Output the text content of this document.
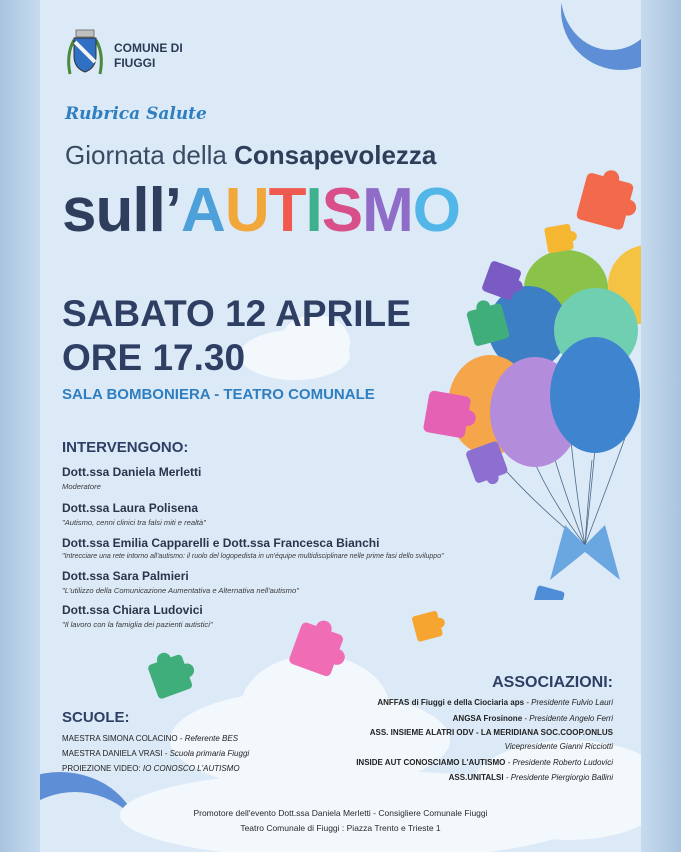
COMUNE DI
FIUGGI
Rubrica Salute
Giornata della Consapevolezza
sull’AUTISMO
SABATO 12 APRILE
ORE 17.30
SALA BOMBONIERA - TEATRO COMUNALE
INTERVENGONO:
Dott.ssa Daniela Merletti
Moderatore
Dott.ssa Laura Polisena
"Autismo, cenni clinici tra falsi miti e realtà"
Dott.ssa Emilia Capparelli e Dott.ssa Francesca Bianchi
"Intrecciare una rete intorno all'autismo: il ruolo del logopedista in un'équipe multidisciplinare nelle prime fasi dello sviluppo"
Dott.ssa Sara Palmieri
"L'utilizzo della Comunicazione Aumentativa e Alternativa nell'autismo"
Dott.ssa Chiara Ludovici
"Il lavoro con la famiglia dei pazienti autistici"
SCUOLE:
MAESTRA SIMONA COLACINO - Referente BES
MAESTRA DANIELA VRASI - Scuola primaria Fiuggi
PROIEZIONE VIDEO: IO CONOSCO L'AUTISMO
ASSOCIAZIONI:
ANFFAS di Fiuggi e della Ciociaria aps - Presidente Fulvio Lauri
ANGSA Frosinone - Presidente Angelo Ferri
ASS. INSIEME ALATRI ODV - LA MERIDIANA SOC.COOP.ONLUS
Vicepresidente Gianni Ricciotti
INSIDE AUT CONOSCIAMO L'AUTISMO - Presidente Roberto Ludovici
ASS.UNITALSI - Presidente Piergiorgio Ballini
Promotore dell'evento Dott.ssa Daniela Merletti - Consigliere Comunale Fiuggi
Teatro Comunale di Fiuggi : Piazza Trento e Trieste 1
